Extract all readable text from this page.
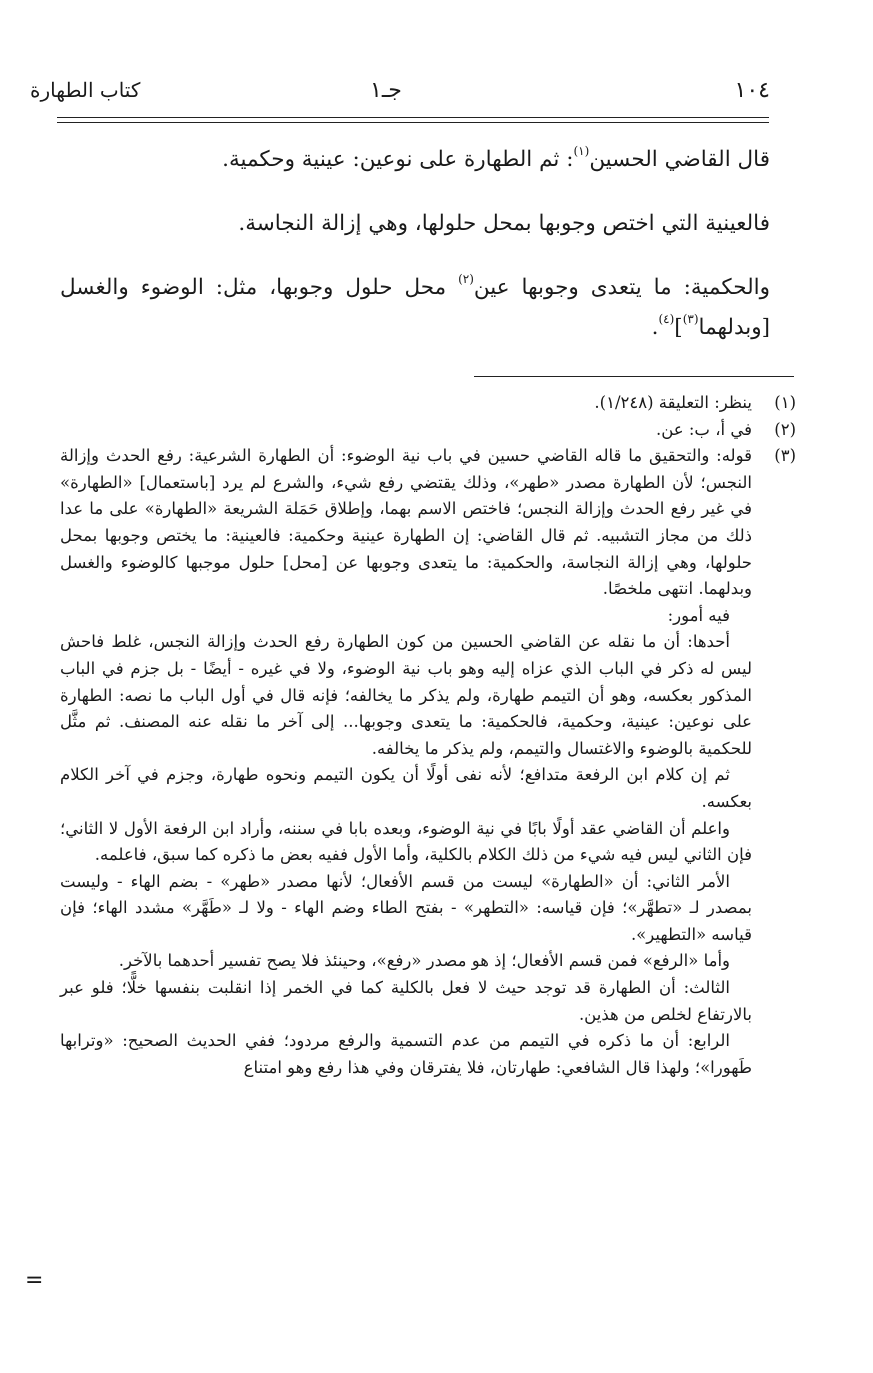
١٠٤
جـ١
كتاب الطهارة

قال القاضي الحسين$^{(١)}$: ثم الطهارة على نوعين: عينية وحكمية.

فالعينية التي اختص وجوبها بمحل حلولها، وهي إزالة النجاسة.

والحكمية: ما يتعدى وجوبها عين$^{(٢)}$ محل حلول وجوبها، مثل: الوضوء والغسل [وبدلهما$^{(٣)}$]$^{(٤)}$.

(١)

ينظر: التعليقة (١/٢٤٨).

(٢)

في أ، ب: عن.

(٣)

قوله: والتحقيق ما قاله القاضي حسين في باب نية الوضوء: أن الطهارة الشرعية: رفع الحدث وإزالة النجس؛ لأن الطهارة مصدر «طهر»، وذلك يقتضي رفع شيء، والشرع لم يرد [باستعمال] «الطهارة» في غير رفع الحدث وإزالة النجس؛ فاختص الاسم بهما، وإطلاق حَمَلة الشريعة «الطهارة» على ما عدا ذلك من مجاز التشبيه. ثم قال القاضي: إن الطهارة عينية وحكمية: فالعينية: ما يختص وجوبها بمحل حلولها، وهي إزالة النجاسة، والحكمية: ما يتعدى وجوبها عن [محل] حلول موجبها كالوضوء والغسل وبدلهما. انتهى ملخصًا.

فيه أمور:

أحدها: أن ما نقله عن القاضي الحسين من كون الطهارة رفع الحدث وإزالة النجس، غلط فاحش ليس له ذكر في الباب الذي عزاه إليه وهو باب نية الوضوء، ولا في غيره - أيضًا - بل جزم في الباب المذكور بعكسه، وهو أن التيمم طهارة، ولم يذكر ما يخالفه؛ فإنه قال في أول الباب ما نصه: الطهارة على نوعين: عينية، وحكمية، فالحكمية: ما يتعدى وجوبها... إلى آخر ما نقله عنه المصنف. ثم مثَّل للحكمية بالوضوء والاغتسال والتيمم، ولم يذكر ما يخالفه.

ثم إن كلام ابن الرفعة متدافع؛ لأنه نفى أولًا أن يكون التيمم ونحوه طهارة، وجزم في آخر الكلام بعكسه.

واعلم أن القاضي عقد أولًا بابًا في نية الوضوء، وبعده بابا في سننه، وأراد ابن الرفعة الأول لا الثاني؛ فإن الثاني ليس فيه شيء من ذلك الكلام بالكلية، وأما الأول ففيه بعض ما ذكره كما سبق، فاعلمه.

الأمر الثاني: أن «الطهارة» ليست من قسم الأفعال؛ لأنها مصدر «طهر» - بضم الهاء - وليست بمصدر لـ «تطهَّر»؛ فإن قياسه: «التطهر» - بفتح الطاء وضم الهاء - ولا لـ «طَهَّر» مشدد الهاء؛ فإن قياسه «التطهير».

وأما «الرفع» فمن قسم الأفعال؛ إذ هو مصدر «رفع»، وحينئذ فلا يصح تفسير أحدهما بالآخر.

الثالث: أن الطهارة قد توجد حيث لا فعل بالكلية كما في الخمر إذا انقلبت بنفسها خلًّا؛ فلو عبر بالارتفاع لخلص من هذين.

الرابع: أن ما ذكره في التيمم من عدم التسمية والرفع مردود؛ ففي الحديث الصحيح: «وترابها طَهورا»؛ ولهذا قال الشافعي: طهارتان، فلا يفترقان وفي هذا رفع وهو امتناع

=
